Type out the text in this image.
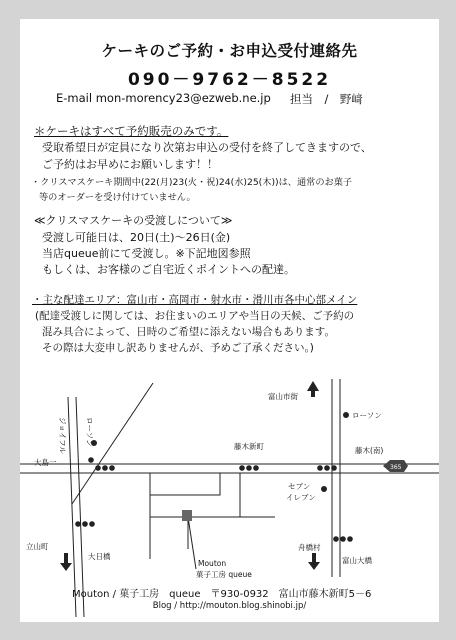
ケーキのご予約・お申込受付連絡先
090－9762－8522
E-mail mon-morency23@ezweb.ne.jp 担当　/　野﨑
＊ケーキはすべて予約販売のみです。
受取希望日が定員になり次第お申込の受付を終了してきますので、
ご予約はお早めにお願いします！！
・クリスマスケーキ期間中(22(月)23(火・祝)24(水)25(木))は、通常のお菓子
等のオーダーを受け付けていません。
≪クリスマスケーキの受渡しについて≫
受渡し可能日は、20日(土)～26日(金)
当店queue前にて受渡し。※下記地図参照
もしくは、お客様のご自宅近くポイントへの配達。
・主な配達エリア：富山市・高岡市・射水市・滑川市各中心部メイン
(配達受渡しに関しては、お住まいのエリアや当日の天候、ご予約の
混み具合によって、日時のご希望に添えない場合もあります。
その際は大変申し訳ありませんが、予めご了承ください。)
ジョイフル ローソン
大島一
立山町
大日橋
藤木新町
富山市街
ローソン
藤木(南)
365
セブン
イレブン
舟橋村
富山大橋
Mouton
菓子工房 queue
Mouton / 菓子工房　queue　〒930-0932　富山市藤木新町5－6
Blog / http://mouton.blog.shinobi.jp/
